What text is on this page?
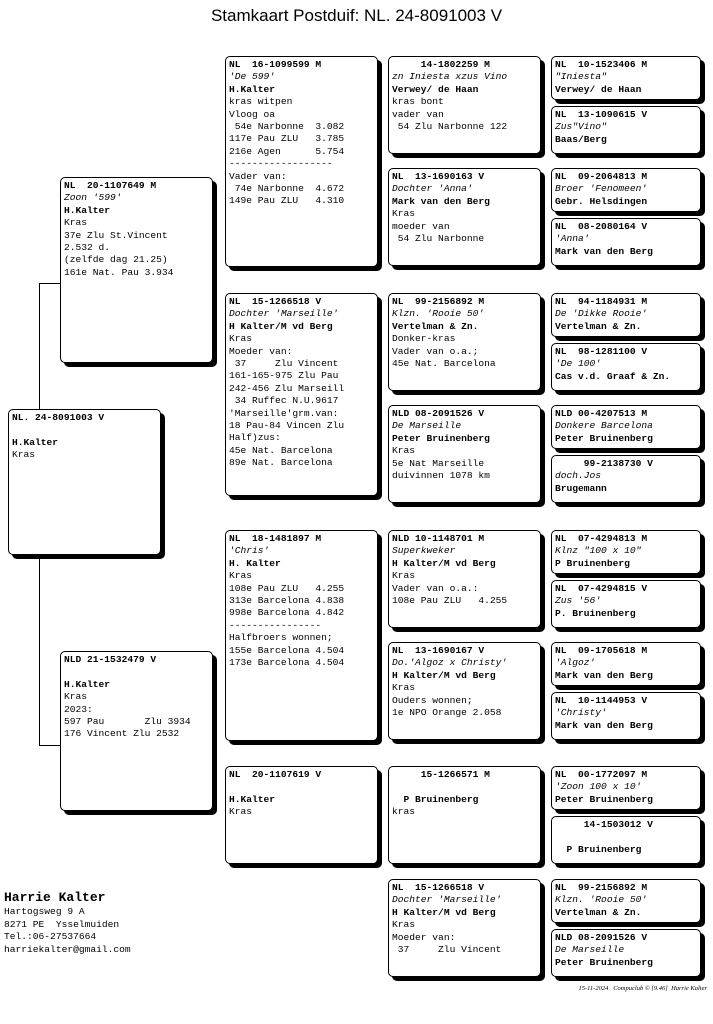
Stamkaart Postduif: NL. 24-8091003 V
NL. 24-8091003 V
H.Kalter
Kras
NL  20-1107649 M
Zoon '599'
H.Kalter
Kras
37e Zlu St.Vincent
2.532 d.
(zelfde dag 21.25)
161e Nat. Pau 3.934
NLD 21-1532479 V
H.Kalter
Kras
2023:
597 Pau       Zlu 3934
176 Vincent Zlu 2532
NL  16-1099599 M
'De 599'
H.Kalter
kras witpen
Vloog oa
54e Narbonne  3.082
117e Pau ZLU   3.785
216e Agen      5.754
------------------
Vader van:
74e Narbonne  4.672
149e Pau ZLU   4.310
NL  15-1266518 V
Dochter 'Marseille'
H Kalter/M vd Berg
Kras
Moeder van:
37     Zlu Vincent
161-165-975 Zlu Pau
242-456 Zlu Marseill
34 Ruffec N.U.9617
'Marseille'grm.van:
18 Pau-84 Vincen Zlu
Half)zus:
45e Nat. Barcelona
89e Nat. Barcelona
NL  18-1481897 M
'Chris'
H. Kalter
Kras
108e Pau ZLU   4.255
313e Barcelona 4.838
998e Barcelona 4.842
----------------
Halfbroers wonnen;
155e Barcelona 4.504
173e Barcelona 4.504
NL  20-1107619 V
H.Kalter
Kras
14-1802259 M
zn Iniesta xzus Vino
Verwey/ de Haan
kras bont
vader van
54 Zlu Narbonne 122
NL  13-1690163 V
Dochter 'Anna'
Mark van den Berg
Kras
moeder van
54 Zlu Narbonne
NL  99-2156892 M
Klzn. 'Rooie 50'
Vertelman & Zn.
Donker-kras
Vader van o.a.;
45e Nat. Barcelona
NLD 08-2091526 V
De Marseille
Peter Bruinenberg
Kras
5e Nat Marseille
duivinnen 1078 km
NLD 10-1148701 M
Superkweker
H Kalter/M vd Berg
Kras
Vader van o.a.:
108e Pau ZLU   4.255
NL  13-1690167 V
Do.'Algoz x Christy'
H Kalter/M vd Berg
Kras
Ouders wonnen;
1e NPO Orange 2.058
15-1266571 M
P Bruinenberg
kras
NL  15-1266518 V
Dochter 'Marseille'
H Kalter/M vd Berg
Kras
Moeder van:
37     Zlu Vincent
NL  10-1523406 M
"Iniesta"
Verwey/ de Haan
NL  13-1090615 V
Zus"Vino"
Baas/Berg
NL  09-2064813 M
Broer 'Fenomeen'
Gebr. Helsdingen
NL  08-2080164 V
'Anna'
Mark van den Berg
NL  94-1184931 M
De 'Dikke Rooie'
Vertelman & Zn.
NL  98-1281100 V
'De 100'
Cas v.d. Graaf & Zn.
NLD 00-4207513 M
Donkere Barcelona
Peter Bruinenberg
99-2138730 V
doch.Jos
Brugemann
NL  07-4294813 M
Klnz "100 x 10"
P Bruinenberg
NL  07-4294815 V
Zus '56'
P. Bruinenberg
NL  09-1705618 M
'Algoz'
Mark van den Berg
NL  10-1144953 V
'Christy'
Mark van den Berg
NL  00-1772097 M
'Zoon 100 x 10'
Peter Bruinenberg
14-1503012 V
P Bruinenberg
NL  99-2156892 M
Klzn. 'Rooie 50'
Vertelman & Zn.
NLD 08-2091526 V
De Marseille
Peter Bruinenberg
Harrie Kalter
Hartogsweg 9 A
8271 PE  Ysselmuiden
Tel.:06-27537664
harriekalter@gmail.com
15-11-2024   Compuclub © [9.46]  Harrie Kalter
